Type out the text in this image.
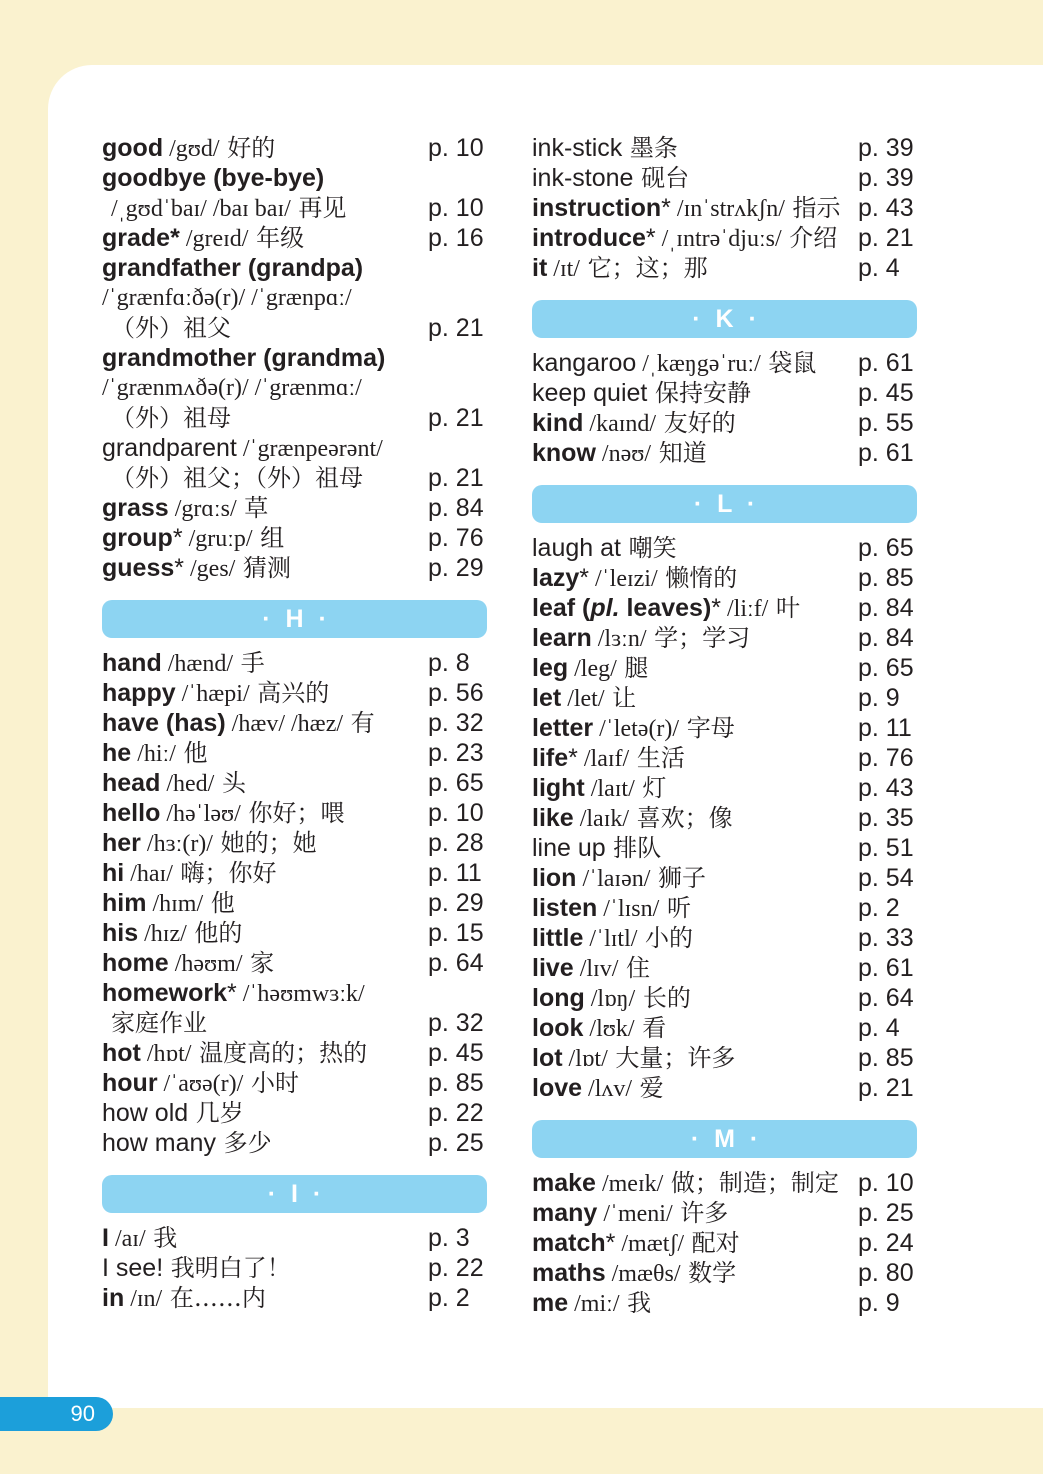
good /gʊd/ 好的	p. 10
goodbye (bye-bye)
/ˌgʊdˈbaɪ/ /baɪ baɪ/ 再见	p. 10
grade* /greɪd/ 年级	p. 16
grandfather (grandpa)
/ˈgrænfɑːðə(r)/ /ˈgrænpɑː/
（外）祖父	p. 21
grandmother (grandma)
/ˈgrænmʌðə(r)/ /ˈgrænmɑː/
（外）祖母	p. 21
grandparent /ˈgrænpeərənt/
（外）祖父；（外）祖母	p. 21
grass /grɑːs/ 草	p. 84
group* /gruːp/ 组	p. 76
guess* /ges/ 猜测	p. 29
· H ·
hand /hænd/ 手	p. 8
happy /ˈhæpi/ 高兴的	p. 56
have (has) /hæv/ /hæz/ 有 p. 32
he /hiː/ 他	p. 23
head /hed/ 头	p. 65
hello /həˈləʊ/ 你好；喂	p. 10
her /hɜː(r)/ 她的；她	p. 28
hi /haɪ/ 嗨；你好	p. 11
him /hɪm/ 他	p. 29
his /hɪz/ 他的	p. 15
home /həʊm/ 家	p. 64
homework* /ˈhəʊmwɜːk/
家庭作业	p. 32
hot /hɒt/ 温度高的；热的 p. 45
hour /ˈaʊə(r)/ 小时	p. 85
how old 几岁	p. 22
how many 多少	p. 25
· I ·
I /aɪ/ 我	p. 3
I see! 我明白了！	p. 22
in /ɪn/ 在……内	p. 2
ink-stick 墨条	p. 39
ink-stone 砚台	p. 39
instruction* /ɪnˈstrʌkʃn/ 指示 p. 43
introduce* /ˌɪntrəˈdjuːs/ 介绍 p. 21
it /ɪt/ 它；这；那	p. 4
· K ·
kangaroo /ˌkæŋgəˈruː/ 袋鼠 p. 61
keep quiet 保持安静	p. 45
kind /kaɪnd/ 友好的	p. 55
know /nəʊ/ 知道	p. 61
· L ·
laugh at 嘲笑	p. 65
lazy* /ˈleɪzi/ 懒惰的	p. 85
leaf (pl. leaves)* /liːf/ 叶 p. 84
learn /lɜːn/ 学；学习	p. 84
leg /leg/ 腿	p. 65
let /let/ 让	p. 9
letter /ˈletə(r)/ 字母	p. 11
life* /laɪf/ 生活	p. 76
light /laɪt/ 灯	p. 43
like /laɪk/ 喜欢；像	p. 35
line up 排队	p. 51
lion /ˈlaɪən/ 狮子	p. 54
listen /ˈlɪsn/ 听	p. 2
little /ˈlɪtl/ 小的	p. 33
live /lɪv/ 住	p. 61
long /lɒŋ/ 长的	p. 64
look /lʊk/ 看	p. 4
lot /lɒt/ 大量；许多	p. 85
love /lʌv/ 爱	p. 21
· M ·
make /meɪk/ 做；制造；制定 p. 10
many /ˈmeni/ 许多	p. 25
match* /mætʃ/ 配对	p. 24
maths /mæθs/ 数学	p. 80
me /miː/ 我	p. 9
90
